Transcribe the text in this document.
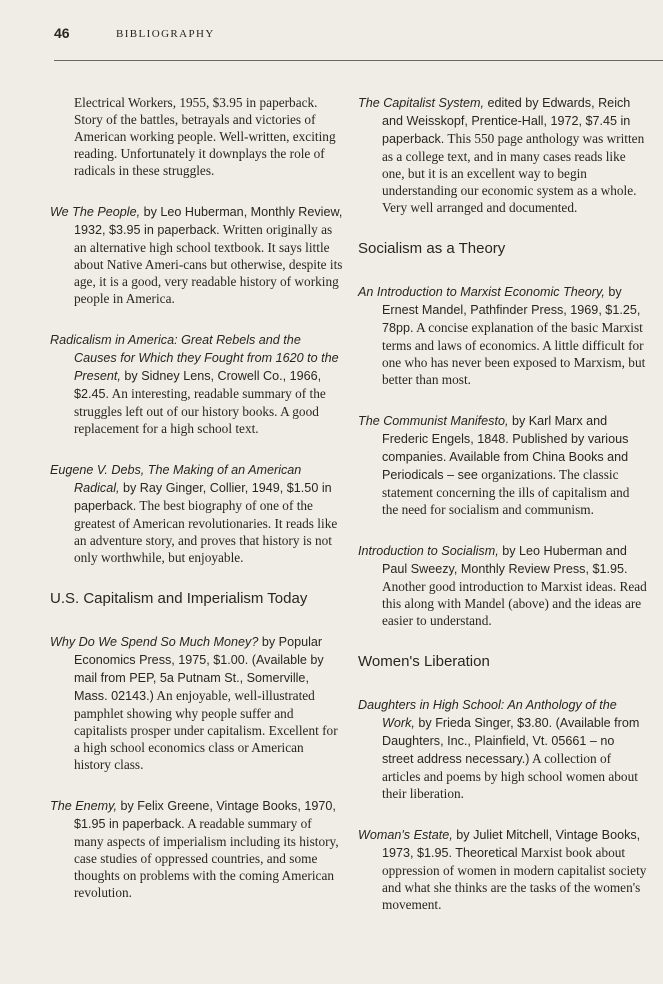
46	BIBLIOGRAPHY

Electrical Workers, 1955, $3.95 in paperback. Story of the battles, betrayals and victories of American working people. Well-written, exciting reading. Unfortunately it downplays the role of radicals in these struggles.

We The People, by Leo Huberman, Monthly Review, 1932, $3.95 in paperback. Written originally as an alternative high school textbook. It says little about Native Ameri-cans but otherwise, despite its age, it is a good, very readable history of working people in America.

Radicalism in America: Great Rebels and the Causes for Which they Fought from 1620 to the Present, by Sidney Lens, Crowell Co., 1966, $2.45. An interesting, readable summary of the struggles left out of our history books. A good replacement for a high school text.

Eugene V. Debs, The Making of an American Radical, by Ray Ginger, Collier, 1949, $1.50 in paperback. The best biography of one of the greatest of American revolutionaries. It reads like an adventure story, and proves that history is not only worthwhile, but enjoyable.

U.S. Capitalism and Imperialism Today

Why Do We Spend So Much Money? by Popular Economics Press, 1975, $1.00. (Available by mail from PEP, 5a Putnam St., Somerville, Mass. 02143.) An enjoyable, well-illustrated pamphlet showing why people suffer and capitalists prosper under capitalism. Excellent for a high school economics class or American history class.

The Enemy, by Felix Greene, Vintage Books, 1970, $1.95 in paperback. A readable summary of many aspects of imperialism including its history, case studies of oppressed countries, and some thoughts on problems with the coming American revolution.

The Capitalist System, edited by Edwards, Reich and Weisskopf, Prentice-Hall, 1972, $7.45 in paperback. This 550 page anthology was written as a college text, and in many cases reads like one, but it is an excellent way to begin understanding our economic system as a whole. Very well arranged and documented.

Socialism as a Theory

An Introduction to Marxist Economic Theory, by Ernest Mandel, Pathfinder Press, 1969, $1.25, 78pp. A concise explanation of the basic Marxist terms and laws of economics. A little difficult for one who has never been exposed to Marxism, but better than most.

The Communist Manifesto, by Karl Marx and Frederic Engels, 1848. Published by various companies. Available from China Books and Periodicals – see organizations. The classic statement concerning the ills of capitalism and the need for socialism and communism.

Introduction to Socialism, by Leo Huberman and Paul Sweezy, Monthly Review Press, $1.95. Another good introduction to Marxist ideas. Read this along with Mandel (above) and the ideas are easier to understand.

Women's Liberation

Daughters in High School: An Anthology of the Work, by Frieda Singer, $3.80. (Available from Daughters, Inc., Plainfield, Vt. 05661 – no street address necessary.) A collection of articles and poems by high school women about their liberation.

Woman's Estate, by Juliet Mitchell, Vintage Books, 1973, $1.95. Theoretical Marxist book about oppression of women in modern capitalist society and what she thinks are the tasks of the women's movement.
